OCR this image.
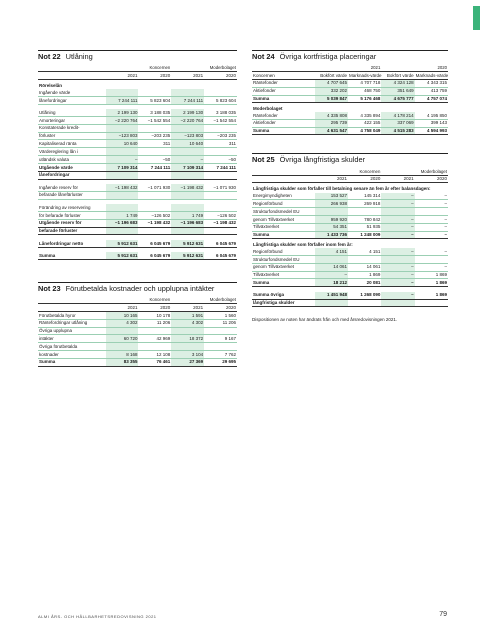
Not 22 Utlåning
	Koncernen		Moderbolaget	
	2021	2020	2021	2020
Rörelselån				
Ingående värde				
lånefordringar	7 244 111	5 823 604	7 244 111	5 823 604

Utlåning	2 199 130	3 188 035	2 199 130	3 188 035
Amorteringar	−2 220 764	−1 542 554	−2 220 764	−1 542 554
Konstaterade kredit-				
förluster	−123 803	−203 235	−123 803	−203 235
Kapitaliserad ränta	10 640	311	10 640	311
Värdereglering lån i				
utländsk valuta	–	−50	–	−50
Utgående värde	7 109 314	7 244 111	7 109 314	7 244 111
lånefordringar				

Ingående reserv för	−1 198 432	−1 071 930	−1 198 432	−1 071 930
befarade lånefärluster				

Förändring av reservering				
för befarade förluster	1 749	−126 502	1 749	−126 502
Utgående reserv för	−1 196 683	−1 198 432	−1 196 683	−1 198 432
befarade förluster				

Lånefordringar netto	5 912 631	6 045 679	5 912 631	6 045 679

Summa	5 912 631	6 045 679	5 912 631	6 045 679
Not 23 Förutbetalda kostnader och upplupna intäkter
	Koncernen		Moderbolaget	
	2021	2020	2021	2020
Förutbetalda hyror	10 165	10 178	1 591	1 560
Räntefordringar utlåning	4 302	11 206	4 302	11 206
Övriga upplupna				
intäkter	60 720	42 969	18 372	9 167
Övriga förutbetalda				
kostnader	8 168	12 108	3 104	7 762
Summa	83 355	76 461	27 369	29 695
Not 24 Övriga kortfristiga placeringar
	2021		2020	
Koncernen	Bokfört värde	Marknads-värde	Bokfört värde	Marknads-värde
Räntefonder	4 707 645	4 707 718	4 324 128	4 343 315
Aktiefonder	332 202	468 750	351 649	413 759
Summa	5 039 847	5 176 468	4 675 777	4 757 074

Moderbolaget				
Räntefonder	4 335 808	4 335 894	4 178 214	4 195 850
Aktiefonder	295 739	422 155	337 069	399 143
Summa	4 631 547	4 758 049	4 515 283	4 594 993
Not 25 Övriga långfristiga skulder
	Koncernen		Moderbolaget	
	2021	2020	2021	2020
Långfristiga skulder som förfaller till betalning senare än fem år efter balansdagen:				
Energimyndigheten	153 527	145 314	–	–
Regionförbund	266 938	269 918	–	–
Strukturfondsmedel EU				
genom Tillväxtverket	959 920	780 842	–	–
Tillväxtverket	54 351	51 935	–	–
Summa	1 433 736	1 248 009	–	–

Långfristiga skulder som förfaller inom fem år:				
Regionförbund	4 151	4 151	–	–
Strukturfondsmedel EU				
genom Tillväxtverket	14 061	14 061	–	–
Tillväxtverket	–	1 869	–	1 869
Summa	18 212	20 081	–	1 869

Summa övriga	1 451 948	1 268 090	–	1 869
långfristiga skulder				
Dispositionen av noten har ändrats från och med årsredovisningen 2021.
ALMI ÅRS- OCH HÅLLBARHETSREDOVISNING 2021	79
